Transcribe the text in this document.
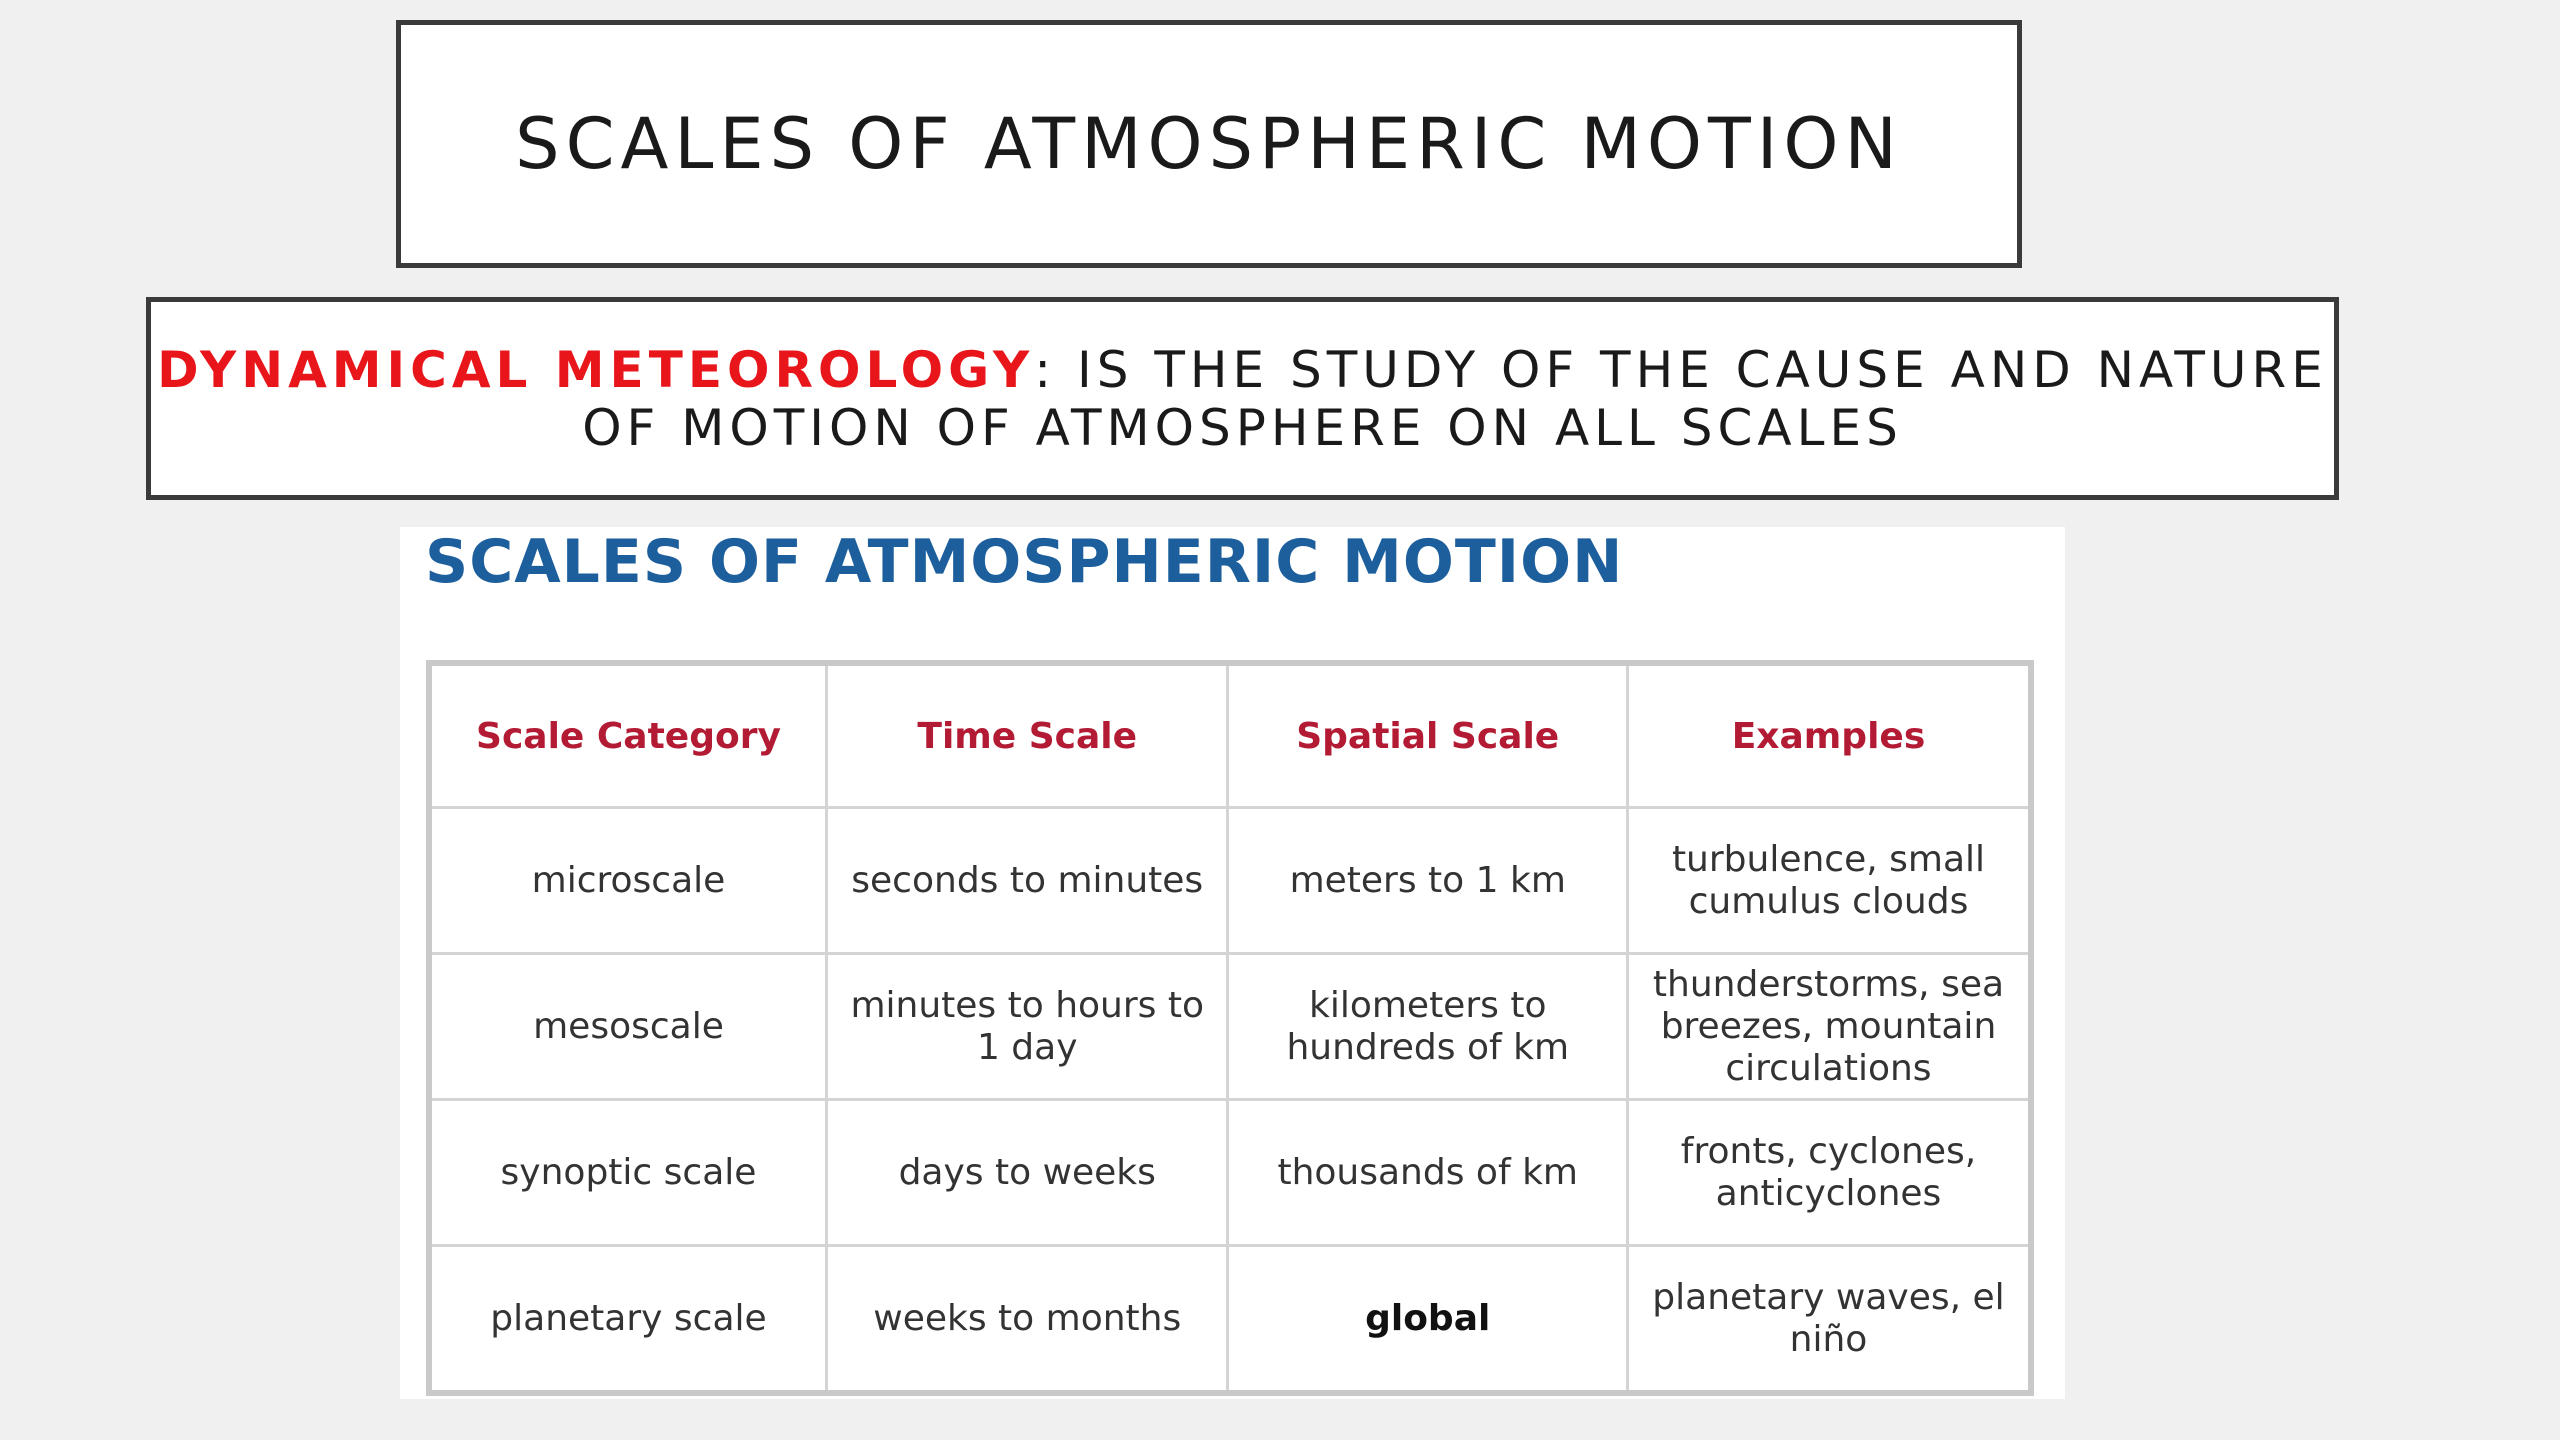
SCALES OF ATMOSPHERIC MOTION
DYNAMICAL METEOROLOGY: IS THE STUDY OF THE CAUSE AND NATURE OF MOTION OF ATMOSPHERE ON ALL SCALES
SCALES OF ATMOSPHERIC MOTION
Scale Category	Time Scale	Spatial Scale	Examples
microscale	seconds to minutes	meters to 1 km	turbulence, small cumulus clouds
mesoscale	minutes to hours to 1 day	kilometers to hundreds of km	thunderstorms, sea breezes, mountain circulations
synoptic scale	days to weeks	thousands of km	fronts, cyclones, anticyclones
planetary scale	weeks to months	global	planetary waves, el niño
